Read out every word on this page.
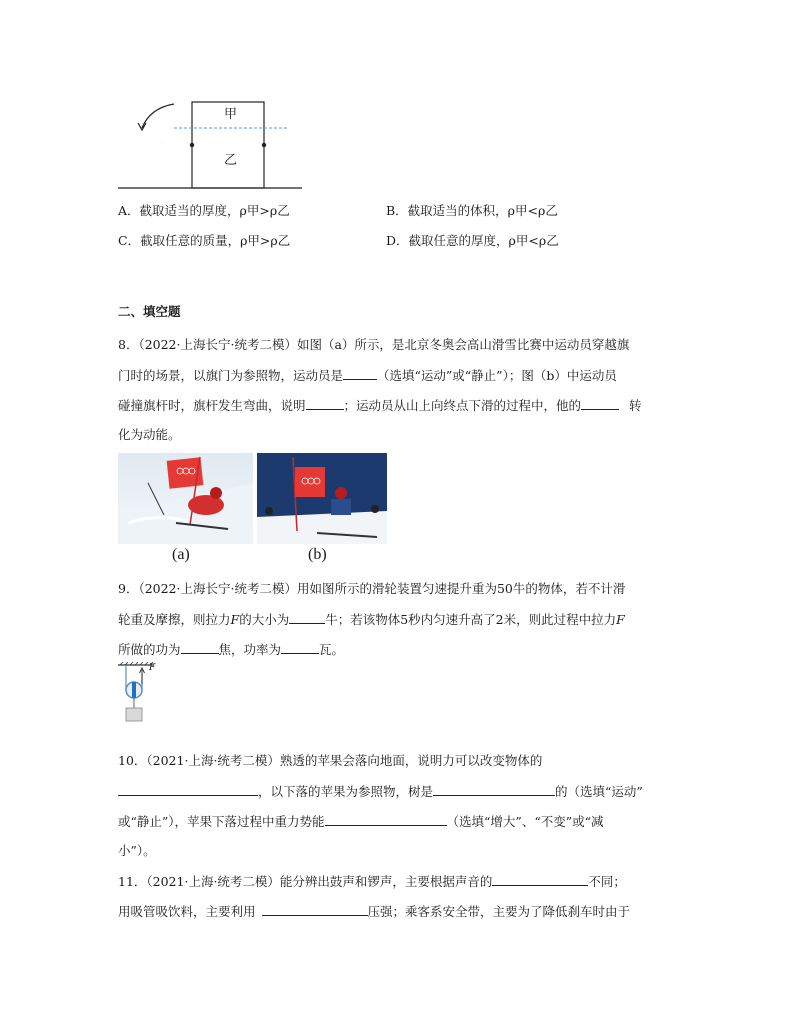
甲
乙
A．截取适当的厚度，ρ甲>ρ乙	B．截取适当的体积，ρ甲<ρ乙
C．截取任意的质量，ρ甲>ρ乙	D．截取任意的厚度，ρ甲<ρ乙
二、填空题
8．（2022·上海长宁·统考二模）如图（a）所示，是北京冬奥会高山滑雪比赛中运动员穿越旗
门时的场景，以旗门为参照物，运动员是	（选填“运动”或“静止”）；图（b）中运动员
碰撞旗杆时，旗杆发生弯曲，说明	；运动员从山上向终点下滑的过程中，他的	转
化为动能。
(a)	(b)
9．（2022·上海长宁·统考二模）用如图所示的滑轮装置匀速提升重为50牛的物体，若不计滑
轮重及摩擦，则拉力F的大小为	牛；若该物体5秒内匀速升高了2米，则此过程中拉力F
所做的功为	焦，功率为	瓦。
F
10．（2021·上海·统考二模）熟透的苹果会落向地面，说明力可以改变物体的
，以下落的苹果为参照物，树是	的（选填“运动”
或“静止”），苹果下落过程中重力势能	（选填“增大”、“不变”或“减
小”）。
11．（2021·上海·统考二模）能分辨出鼓声和锣声，主要根据声音的	不同；
用吸管吸饮料，主要利用	压强；乘客系安全带，主要为了降低刹车时由于
